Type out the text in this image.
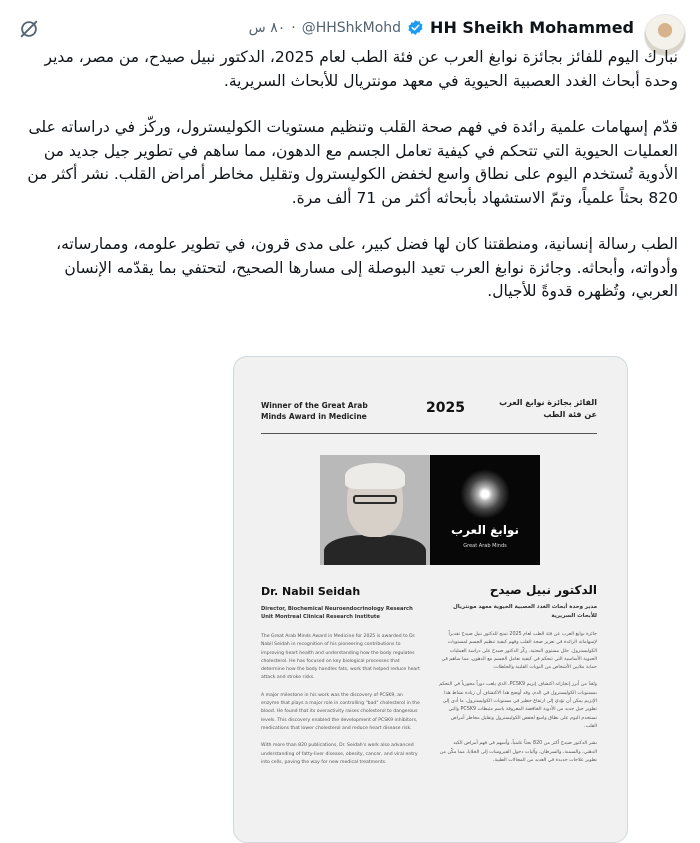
HH Sheikh Mohammed
@HHShkMohd
·
٨٠ س

نبارك اليوم للفائز بجائزة نوابغ العرب عن فئة الطب لعام 2025، الدكتور نبيل صيدح، من مصر، مدير وحدة أبحاث الغدد العصبية الحيوية في معهد مونتريال للأبحاث السريرية.

قدّم إسهامات علمية رائدة في فهم صحة القلب وتنظيم مستويات الكوليسترول، وركّز في دراساته على العمليات الحيوية التي تتحكم في كيفية تعامل الجسم مع الدهون، مما ساهم في تطوير جيل جديد من الأدوية تُستخدم اليوم على نطاق واسع لخفض الكوليسترول وتقليل مخاطر أمراض القلب. نشر أكثر من 820 بحثاً علمياً، وتمّ الاستشهاد بأبحاثه أكثر من 71 ألف مرة.

الطب رسالة إنسانية، ومنطقتنا كان لها فضل كبير، على مدى قرون، في تطوير علومه، وممارساته، وأدواته، وأبحاثه. وجائزة نوابغ العرب تعيد البوصلة إلى مسارها الصحيح، لتحتفي بما يقدّمه الإنسان العربي، وتُظهره قدوةً للأجيال.

Winner of the Great Arab Minds Award in Medicine
2025	الفائز بجائزة نوابغ العرب عن فئة الطب
نوابغ العرب
Great Arab Minds
Dr. Nabil Seidah	الدكتور نبيل صيدح
Director, Biochemical Neuroendocrinology Research Unit Montreal Clinical Research Institute
مدير وحدة أبحاث الغدد العصبية الحيوية معهد مونتريال للأبحاث السريرية

The Great Arab Minds Award in Medicine for 2025 is awarded to Dr. Nabil Seidah in recognition of his pioneering contributions to improving heart health and understanding how the body regulates cholesterol. He has focused on key biological processes that determine how the body handles fats, work that helped reduce heart attack and stroke risks.

A major milestone in his work was the discovery of PCSK9, an enzyme that plays a major role in controlling "bad" cholesterol in the blood. He found that its overactivity raises cholesterol to dangerous levels. This discovery enabled the development of PCSK9 inhibitors, medications that lower cholesterol and reduce heart disease risk.

With more than 820 publications, Dr. Seidah's work also advanced understanding of fatty-liver disease, obesity, cancer, and viral entry into cells, paving the way for new medical treatments.

جائزة نوابغ العرب عن فئة الطب لعام 2025 تمنح للدكتور نبيل صيدح تقديراً لإسهاماته الرائدة في تعزيز صحة القلب وفهم كيفية تنظيم الجسم لمستويات الكوليسترول. حلل مستوى البحثية. ركّز الدكتور صيدح على دراسة العمليات الحيوية الأساسية التي تتحكم في كيفية تعامل الجسم مع الدهون، مما ساهم في حماية ملايين الأشخاص من النوبات القلبية والجلطات.

وتُعدّ من أبرز إنجازاته اكتشاف إنزيم PCSK9، الذي يلعب دوراً محورياً في التحكم بمستويات الكوليسترول في الدم، وقد أوضح هذا الاكتشاف أن زيادة نشاط هذا الإنزيم يمكن أن تؤدي إلى ارتفاع خطير في مستويات الكوليسترول، ما أدى إلى تطوير جيل جديد من الأدوية الخافضة المعروفة باسم مثبطات PCSK9 والتي تستخدم اليوم على نطاق واسع لخفض الكوليسترول وتقليل مخاطر أمراض القلب.

نشر الدكتور صيدح أكثر من 820 بحثاً علمياً، وأسهم في فهم أمراض الكبد الدهني، والسمنة، والسرطان، وآليات دخول الفيروسات إلى الخلايا، مما مكّن من تطوير علاجات جديدة في العديد من المجالات الطبية.
